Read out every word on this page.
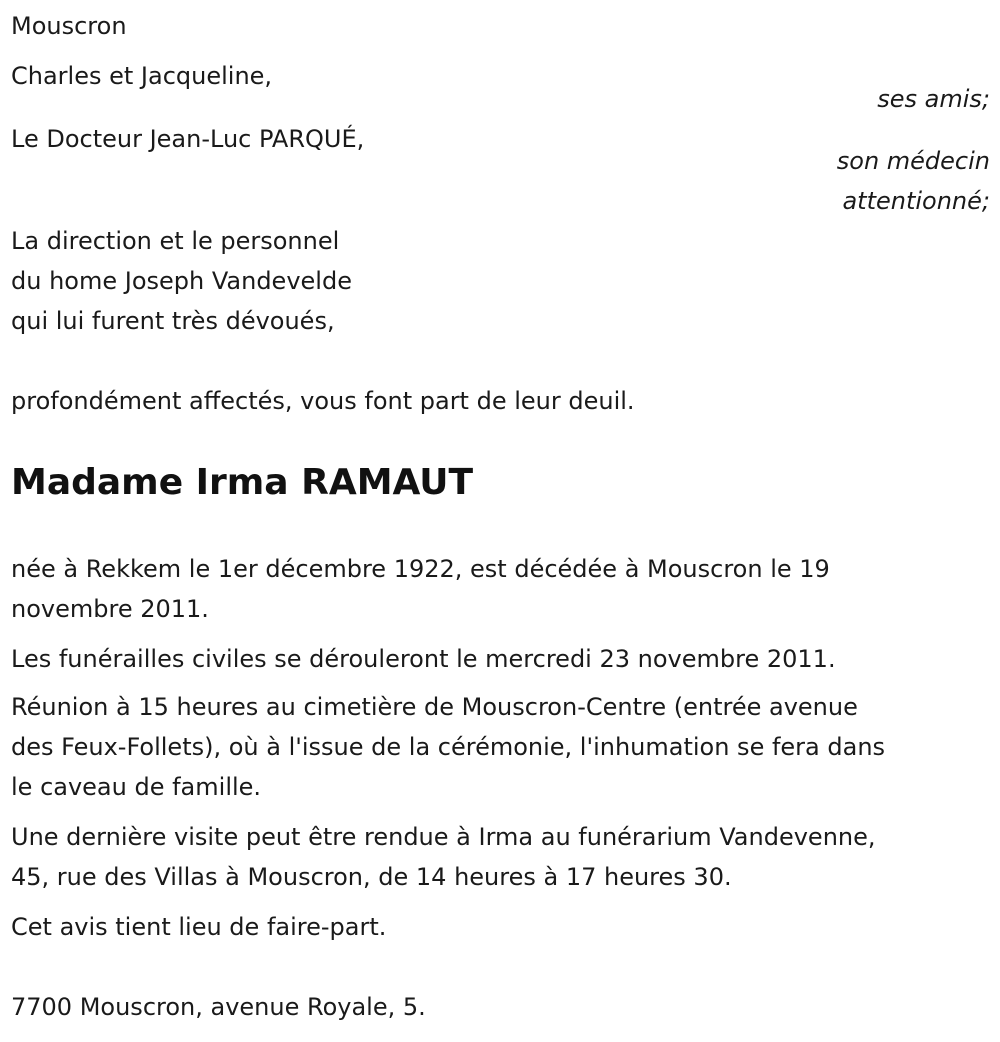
Mouscron
Charles et Jacqueline,
ses amis;
Le Docteur Jean-Luc PARQUÉ,
son médecin
attentionné;
La direction et le personnel
du home Joseph Vandevelde
qui lui furent très dévoués,
profondément affectés, vous font part de leur deuil.
Madame Irma RAMAUT
née à Rekkem le 1er décembre 1922, est décédée à Mouscron le 19
novembre 2011.
Les funérailles civiles se dérouleront le mercredi 23 novembre 2011.
Réunion à 15 heures au cimetière de Mouscron-Centre (entrée avenue
des Feux-Follets), où à l'issue de la cérémonie, l'inhumation se fera dans
le caveau de famille.
Une dernière visite peut être rendue à Irma au funérarium Vandevenne,
45, rue des Villas à Mouscron, de 14 heures à 17 heures 30.
Cet avis tient lieu de faire-part.
7700 Mouscron, avenue Royale, 5.
